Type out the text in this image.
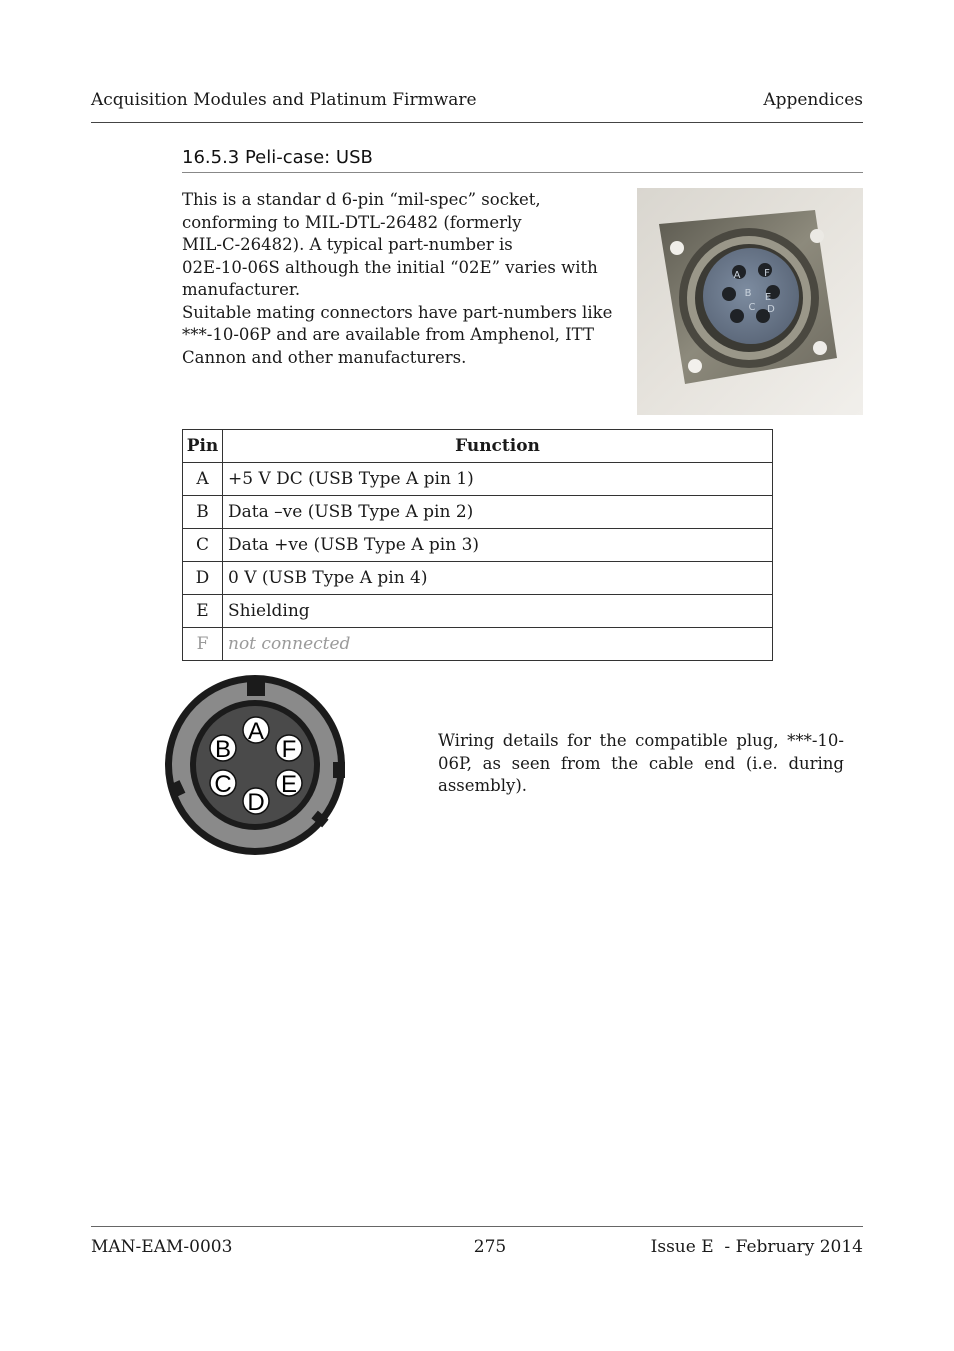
Acquisition Modules and Platinum Firmware	Appendices
16.5.3 Peli-case: USB
This is a standar d 6-pin “mil-spec” socket,
conforming to MIL-DTL-26482 (formerly
MIL-C-26482). A typical part-number is
02E-10-06S although the initial “02E” varies with
manufacturer.
Suitable mating connectors have part-numbers like
***-10-06P and are available from Amphenol, ITT
Cannon and other manufacturers.
A F
B E
C D
Pin	Function
A	+5 V DC (USB Type A pin 1)
B	Data –ve (USB Type A pin 2)
C	Data +ve (USB Type A pin 3)
D	0 V (USB Type A pin 4)
E	Shielding
F	not connected
A
B F
C E
D
Wiring details for the compatible plug, ***-10-06P, as seen from the cable end (i.e. during assembly).
MAN-EAM-0003	275	Issue E  - February 2014
